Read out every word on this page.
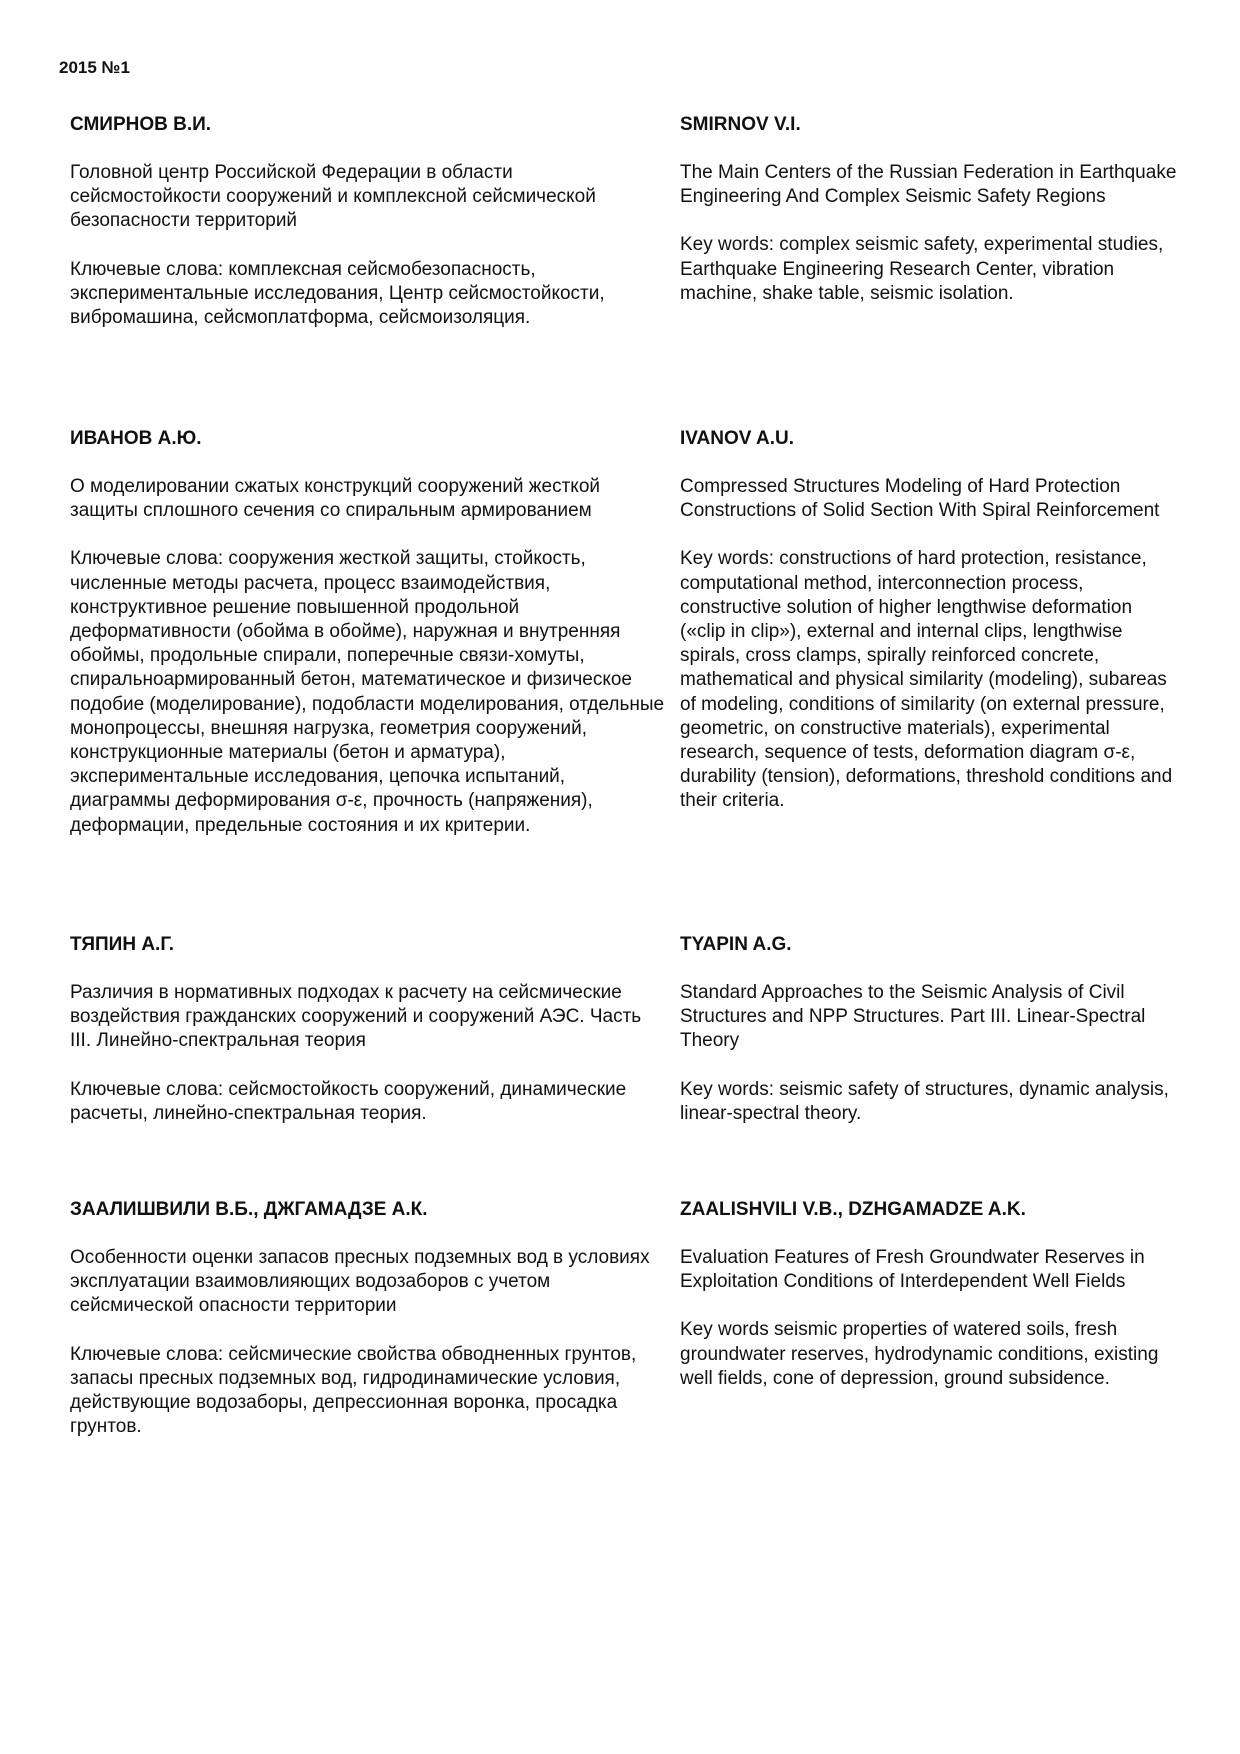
2015 №1

СМИРНОВ В.И.

Головной центр Российской Федерации в области сейсмостойкости сооружений и комплексной сейсмической безопасности территорий

Ключевые слова: комплексная сейсмобезопасность, экспериментальные исследования, Центр сейсмостойкости, вибромашина, сейсмоплатформа, сейсмоизоляция.

SMIRNOV V.I.

The Main Centers of the Russian Federation in Earthquake Engineering And Complex Seismic Safety Regions

Key words: complex seismic safety, experimental studies, Earthquake Engineering Research Center, vibration machine, shake table, seismic isolation.

ИВАНОВ А.Ю.

О моделировании сжатых конструкций сооружений жесткой защиты сплошного сечения со спиральным армированием

Ключевые слова: сооружения жесткой защиты, стойкость, численные методы расчета, процесс взаимодействия, конструктивное решение повышенной продольной деформативности (обойма в обойме), наружная и внутренняя обоймы, продольные спирали, поперечные связи-хомуты, спиральноармированный бетон, математическое и физическое подобие (моделирование), подобласти моделирования, отдельные монопроцессы, внешняя нагрузка, геометрия сооружений, конструкционные материалы (бетон и арматура), экспериментальные исследования, цепочка испытаний, диаграммы деформирования σ-ε, прочность (напряжения), деформации, предельные состояния и их критерии.

IVANOV A.U.

Compressed Structures Modeling of Hard Protection Constructions of Solid Section With Spiral Reinforcement

Key words: constructions of hard protection, resistance, computational method, interconnection process, constructive solution of higher lengthwise deformation («clip in clip»), external and internal clips, lengthwise spirals, cross clamps, spirally reinforced concrete, mathematical and physical similarity (modeling), subareas of modeling, conditions of similarity (on external pressure, geometric, on constructive materials), experimental research, sequence of tests, deformation diagram σ-ε, durability (tension), deformations, threshold conditions and their criteria.

ТЯПИН А.Г.

Различия в нормативных подходах к расчету на сейсмические воздействия гражданских сооружений и сооружений АЭС. Часть III. Линейно-спектральная теория

Ключевые слова: сейсмостойкость сооружений, динамические расчеты, линейно-спектральная теория.

TYAPIN A.G.

Standard Approaches to the Seismic Analysis of Civil Structures and NPP Structures. Part III. Linear-Spectral Theory

Key words: seismic safety of structures, dynamic analysis, linear-spectral theory.

ЗААЛИШВИЛИ В.Б., ДЖГАМАДЗЕ А.К.

Особенности оценки запасов пресных подземных вод в условиях эксплуатации взаимовлияющих водозаборов с учетом сейсмической опасности территории

Ключевые слова: сейсмические свойства обводненных грунтов, запасы пресных подземных вод, гидродинамические условия, действующие водозаборы, депрессионная воронка, просадка грунтов.

ZAALISHVILI V.B., DZHGAMADZE A.K.

Evaluation Features of Fresh Groundwater Reserves in Exploitation Conditions of Interdependent Well Fields

Key words seismic properties of watered soils, fresh groundwater reserves, hydrodynamic conditions, existing well fields, cone of depression, ground subsidence.
